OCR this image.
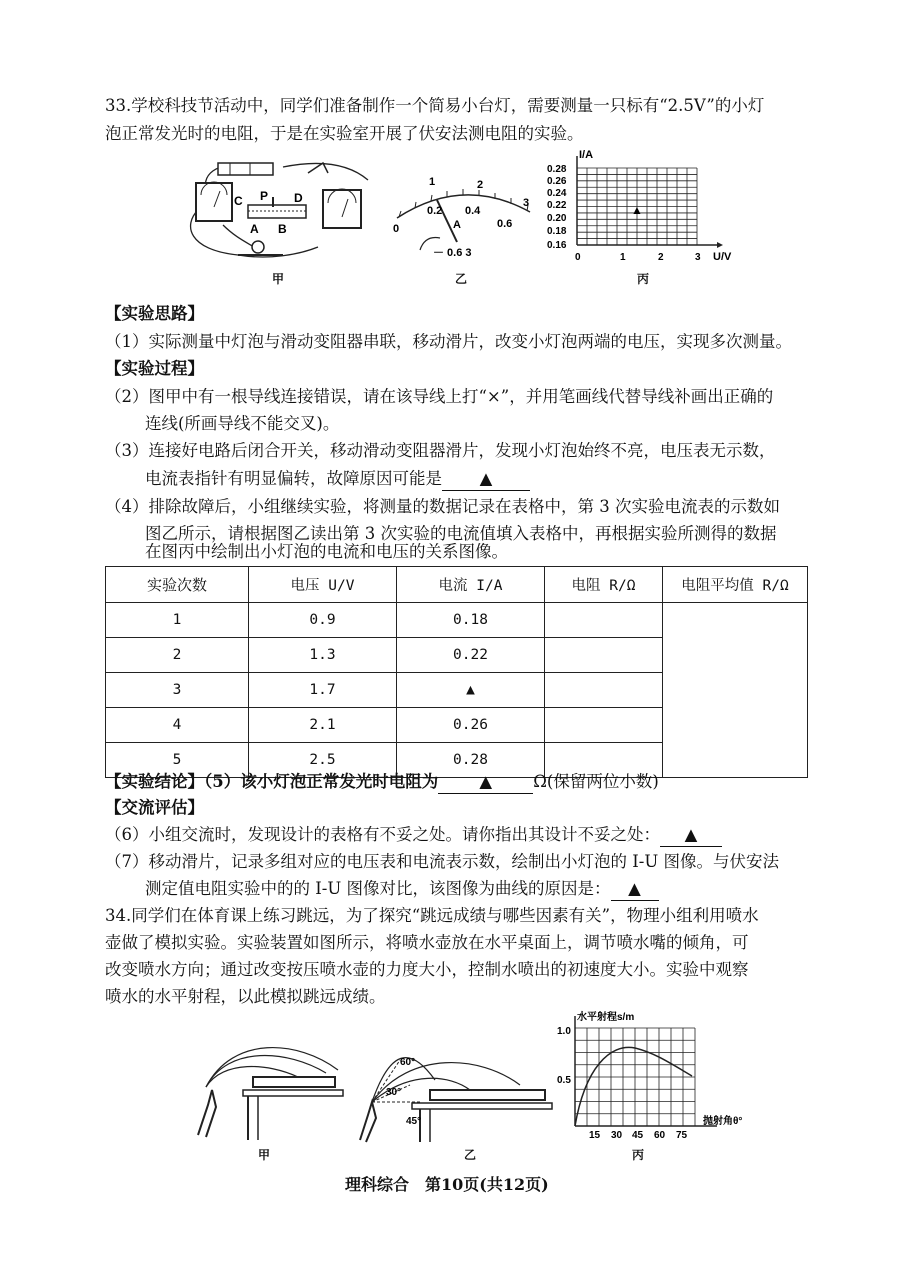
33.学校科技节活动中，同学们准备制作一个简易小台灯，需要测量一只标有“2.5V”的小灯
泡正常发光时的电阻，于是在实验室开展了伏安法测电阻的实验。
C P D
A B
甲
1	2
3
0
0.2 0.4
0.6
A
－ 0.6 3
乙
I/A
U/V
0.28
0.26
0.24
0.22
0.20
0.18
0.16
0	1	2	3
▲
丙
【实验思路】
（1）实际测量中灯泡与滑动变阻器串联，移动滑片，改变小灯泡两端的电压，实现多次测量。
【实验过程】
（2）图甲中有一根导线连接错误，请在该导线上打“×”，并用笔画线代替导线补画出正确的
连线(所画导线不能交叉)。
（3）连接好电路后闭合开关，移动滑动变阻器滑片，发现小灯泡始终不亮，电压表无示数，
电流表指针有明显偏转，故障原因可能是 ▲
（4）排除故障后，小组继续实验，将测量的数据记录在表格中，第 3 次实验电流表的示数如
图乙所示，请根据图乙读出第 3 次实验的电流值填入表格中，再根据实验所测得的数据
在图丙中绘制出小灯泡的电流和电压的关系图像。
实验次数	电压 U/V	电流 I/A	电阻 R/Ω	电阻平均值 R/Ω
1	0.9	0.18		
2	1.3	0.22		
3	1.7	▲		
4	2.1	0.26		
5	2.5	0.28		
【实验结论】（5）该小灯泡正常发光时电阻为 ▲ Ω(保留两位小数)
【交流评估】
（6）小组交流时，发现设计的表格有不妥之处。请你指出其设计不妥之处： ▲
（7）移动滑片，记录多组对应的电压表和电流表示数，绘制出小灯泡的 I-U 图像。与伏安法
测定值电阻实验中的的 I-U 图像对比，该图像为曲线的原因是： ▲
34.同学们在体育课上练习跳远，为了探究“跳远成绩与哪些因素有关”，物理小组利用喷水
壶做了模拟实验。实验装置如图所示，将喷水壶放在水平桌面上，调节喷水嘴的倾角，可
改变喷水方向；通过改变按压喷水壶的力度大小，控制水喷出的初速度大小。实验中观察
喷水的水平射程，以此模拟跳远成绩。
甲
60°
30°
45°
乙
水平射程s/m
抛射角θ°
1.0
0.5
15 30 45 60 75
丙
理科综合　第10页(共12页)
